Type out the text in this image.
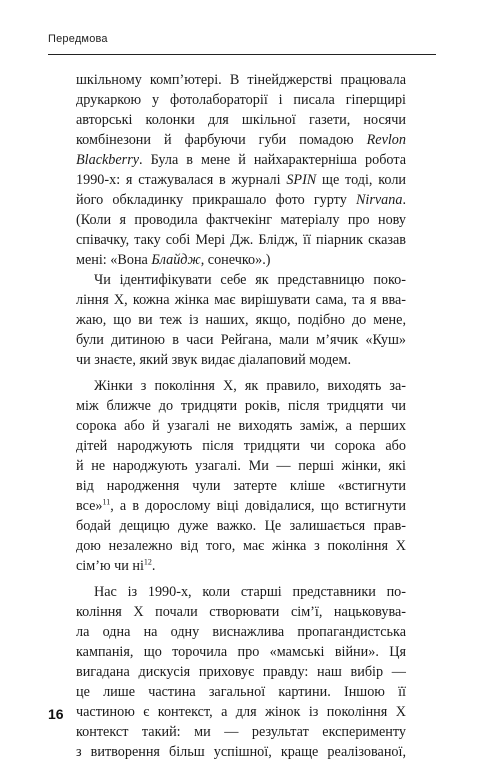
Передмова
шкільному комп’ютері. В тінейджерстві працювала
друкаркою у фотолабораторії і писала гіперщирі
авторські колонки для шкільної газети, носячи
комбінезони й фарбуючи губи помадою Revlon
Blackberry. Була в мене й найхарактерніша робота
1990-х: я стажувалася в журналі SPIN ще тоді, коли
його обкладинку прикрашало фото гурту Nirvana.
(Коли я проводила фактчекінг матеріалу про нову
співачку, таку собі Мері Дж. Блідж, її піарник сказав
мені: «Вона Блайдж, сонечко».)
Чи ідентифікувати себе як представницю поко-
ління X, кожна жінка має вирішувати сама, та я вва-
жаю, що ви теж із наших, якщо, подібно до мене,
були дитиною в часи Рейгана, мали м’ячик «Куш»
чи знаєте, який звук видає діалаповий модем.
Жінки з покоління X, як правило, виходять за-
між ближче до тридцяти років, після тридцяти чи
сорока або й узагалі не виходять заміж, а перших
дітей народжують після тридцяти чи сорока або
й не народжують узагалі. Ми — перші жінки, які
від народження чули затерте кліше «встигнути
все»$^{11}$, а в дорослому віці довідалися, що встигнути
бодай дещицю дуже важко. Це залишається прав-
дою незалежно від того, має жінка з покоління X
сім’ю чи ні$^{12}$.
Нас із 1990-х, коли старші представники по-
коління X почали створювати сім’ї, нацьковува-
ла одна на одну виснажлива пропагандистська
кампанія, що торочила про «мамські війни». Ця
вигадана дискусія приховує правду: наш вибір —
це лише частина загальної картини. Іншою її
частиною є контекст, а для жінок із покоління X
контекст такий: ми — результат експерименту
з витворення більш успішної, краще реалізованої,
16
